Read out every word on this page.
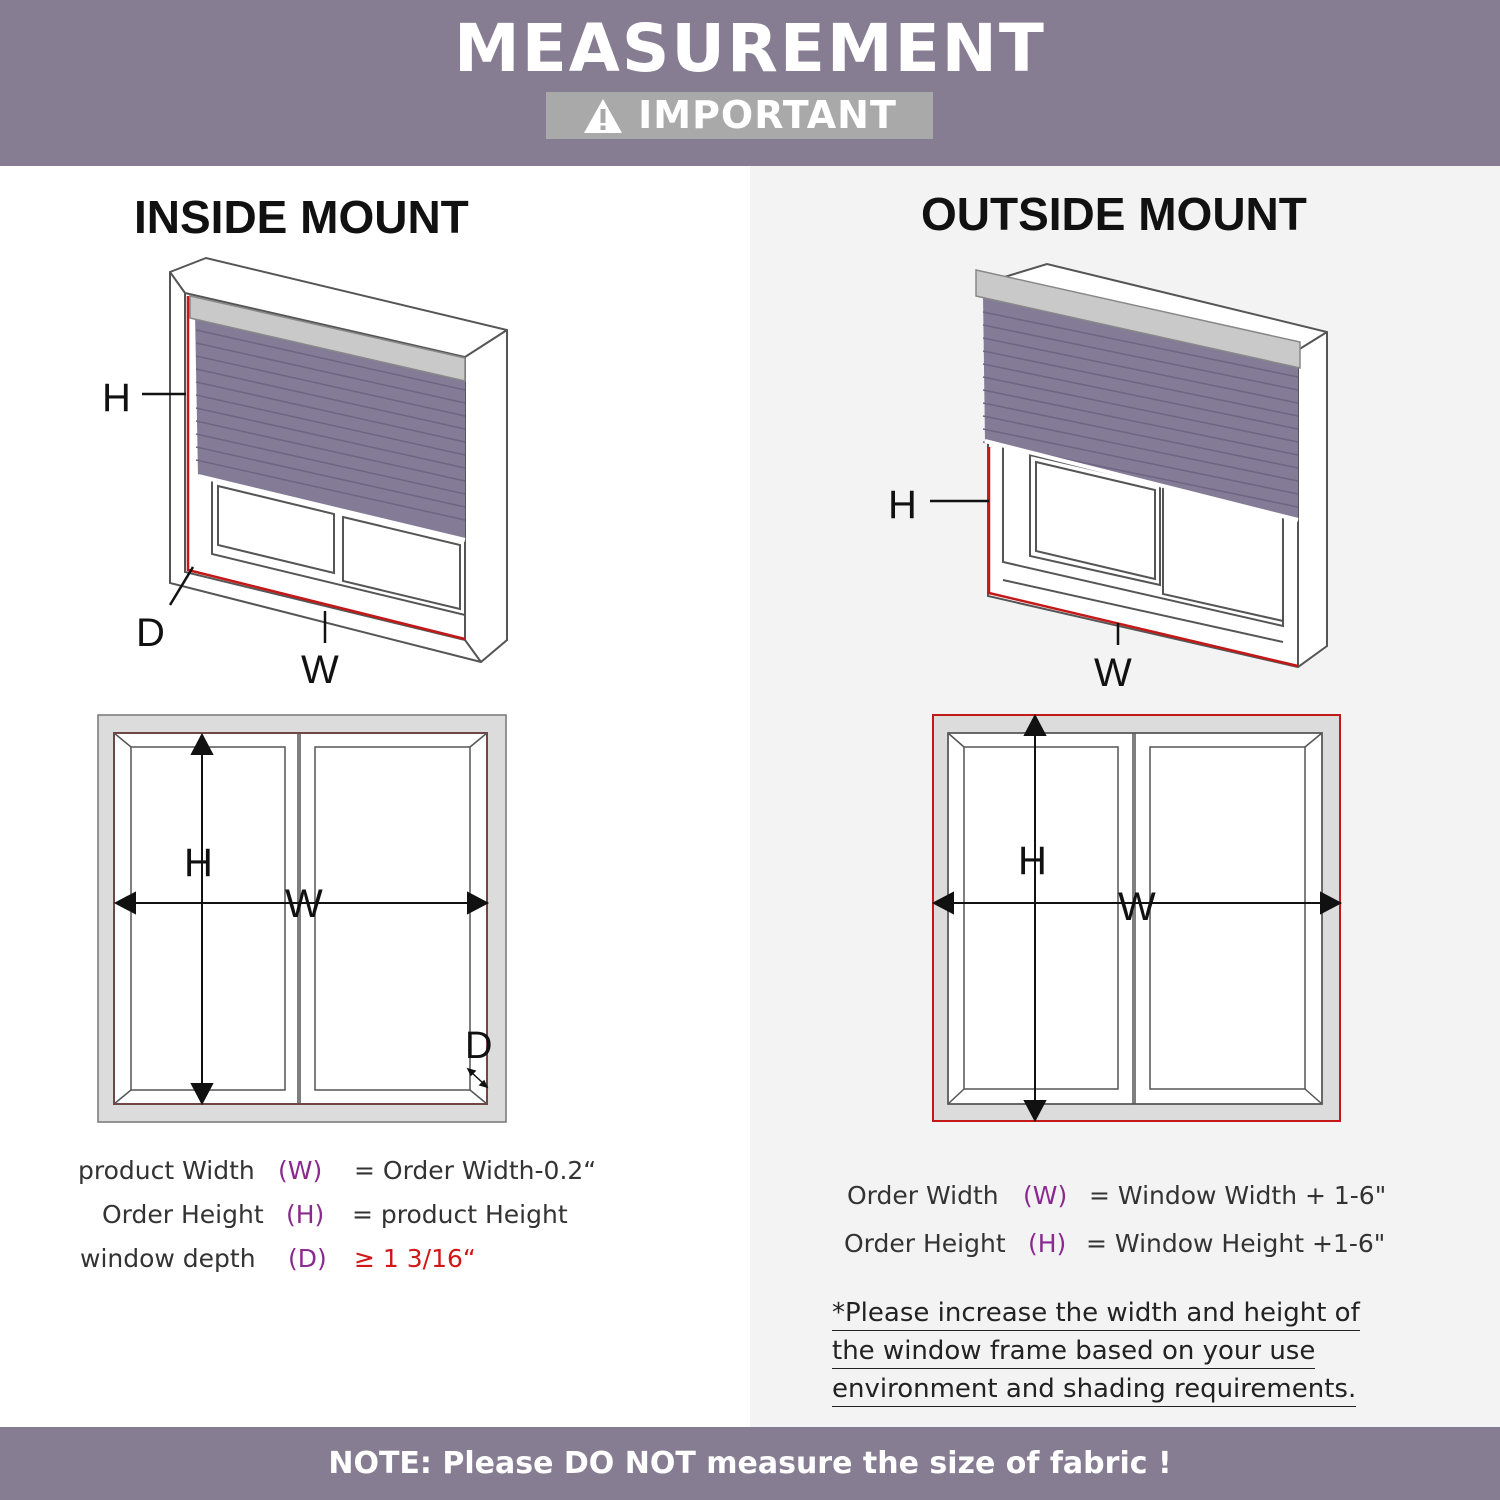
MEASUREMENT
IMPORTANT
INSIDE MOUNT	OUTSIDE MOUNT
H
D
W
H
W
H
W
D
H
W
product Width (W) = Order Width-0.2“
Order Height (H) = product Height
window depth (D) ≥ 1 3/16“
Order Width (W) = Window Width + 1-6"
Order Height (H) = Window Height +1-6"
*Please increase the width and height of
the window frame based on your use
environment and shading requirements.
NOTE: Please DO NOT measure the size of fabric !
